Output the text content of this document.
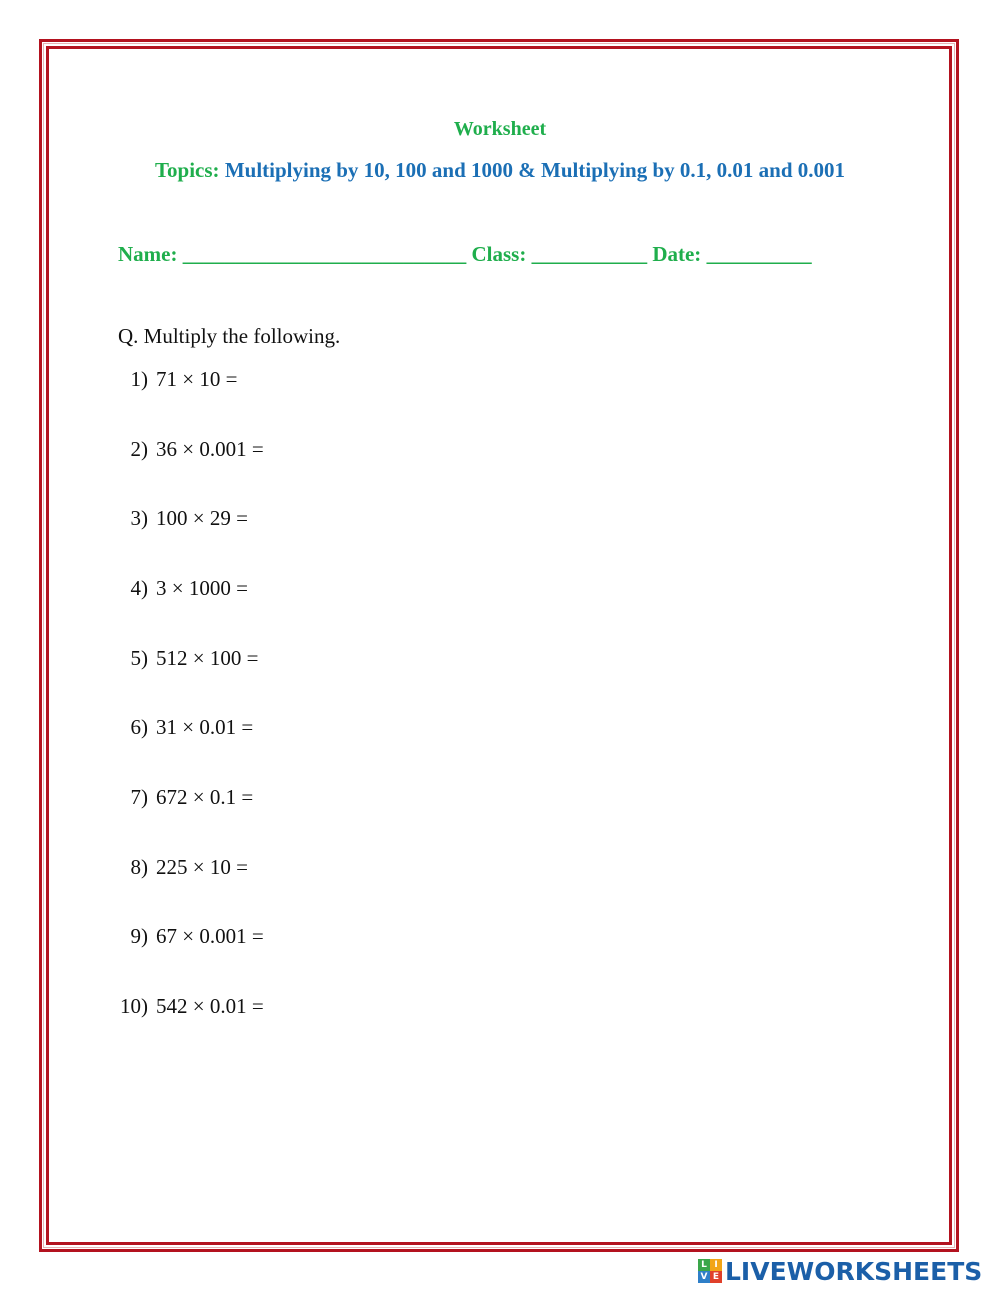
Worksheet
Topics: Multiplying by 10, 100 and 1000 & Multiplying by 0.1, 0.01 and 0.001
Name: ___________________________ Class: ___________ Date: __________
Q. Multiply the following.
1) 71 × 10 =
2) 36 × 0.001 =
3) 100 × 29 =
4) 3 × 1000 =
5) 512 × 100 =
6) 31 × 0.01 =
7) 672 × 0.1 =
8) 225 × 10 =
9) 67 × 0.001 =
10) 542 × 0.01 =
L I
V E LIVEWORKSHEETS
